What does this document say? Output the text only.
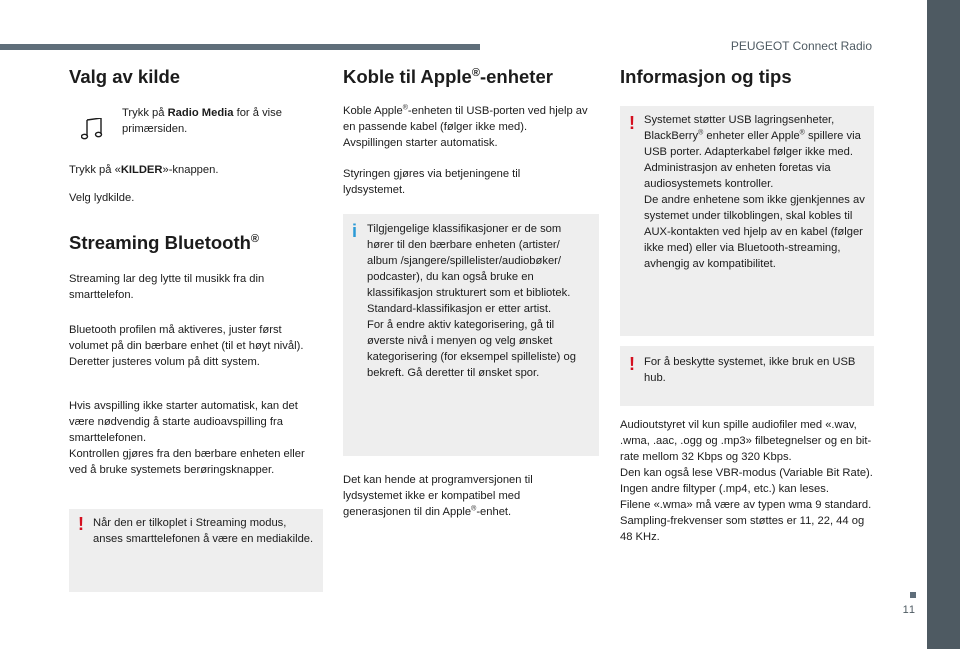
PEUGEOT Connect Radio
11
Valg av kilde

Trykk på Radio Media for å vise primærsiden.

Trykk på «KILDER»-knappen.

Velg lydkilde.

Streaming Bluetooth®

Streaming lar deg lytte til musikk fra din smarttelefon.

Bluetooth profilen må aktiveres, juster først volumet på din bærbare enhet (til et høyt nivål). Deretter justeres volum på ditt system.

Hvis avspilling ikke starter automatisk, kan det være nødvendig å starte audioavspilling fra smarttelefonen.

Kontrollen gjøres fra den bærbare enheten eller ved å bruke systemets berøringsknapper.

! Når den er tilkoplet i Streaming modus, anses smarttelefonen å være en mediakilde.

Koble til Apple®-enheter

Koble Apple®-enheten til USB-porten ved hjelp av en passende kabel (følger ikke med).
Avspillingen starter automatisk.

Styringen gjøres via betjeningene til lydsystemet.

i Tilgjengelige klassifikasjoner er de som hører til den bærbare enheten (artister/ album /sjangere/spillelister/audiobøker/ podcaster), du kan også bruke en klassifikasjon strukturert som et bibliotek.
Standard-klassifikasjon er etter artist.
For å endre aktiv kategorisering, gå til øverste nivå i menyen og velg ønsket kategorisering (for eksempel spilleliste) og bekreft. Gå deretter til ønsket spor.

Det kan hende at programversjonen til lydsystemet ikke er kompatibel med generasjonen til din Apple®-enhet.

Informasjon og tips
! Systemet støtter USB lagringsenheter, BlackBerry® enheter eller Apple® spillere via USB porter. Adapterkabel følger ikke med.
Administrasjon av enheten foretas via audiosystemets kontroller.
De andre enhetene som ikke gjenkjennes av systemet under tilkoblingen, skal kobles til AUX-kontakten ved hjelp av en kabel (følger ikke med) eller via Bluetooth-streaming, avhengig av kompatibilitet.

! For å beskytte systemet, ikke bruk en USB hub.

Audioutstyret vil kun spille audiofiler med «.wav, .wma, .aac, .ogg og .mp3» filbetegnelser og en bit-rate mellom 32 Kbps og 320 Kbps.
Den kan også lese VBR-modus (Variable Bit Rate).
Ingen andre filtyper (.mp4, etc.) kan leses.
Filene «.wma» må være av typen wma 9 standard.
Sampling-frekvenser som støttes er 11, 22, 44 og 48 KHz.
